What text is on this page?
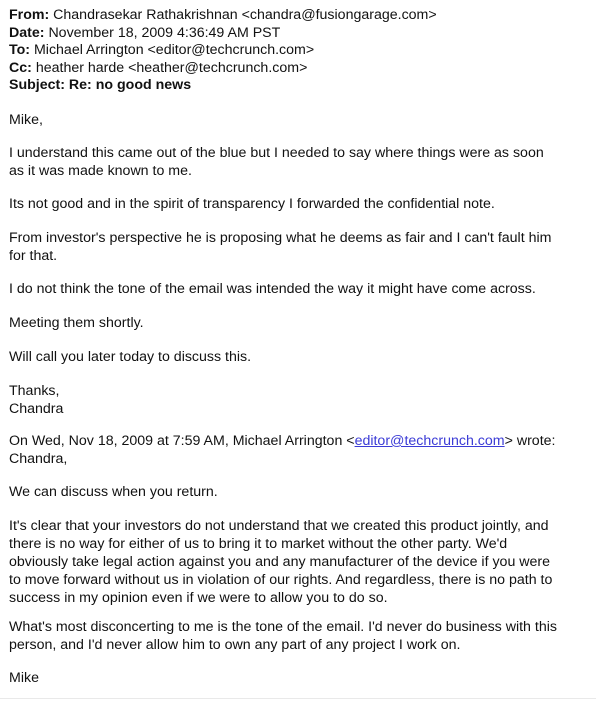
From: Chandrasekar Rathakrishnan <chandra@fusiongarage.com>
Date: November 18, 2009 4:36:49 AM PST
To: Michael Arrington <editor@techcrunch.com>
Cc: heather harde <heather@techcrunch.com>
Subject: Re: no good news

Mike,

I understand this came out of the blue but I needed to say where things were as soon

as it was made known to me.

Its not good and in the spirit of transparency I forwarded the confidential note.

From investor's perspective he is proposing what he deems as fair and I can't fault him

for that.

I do not think the tone of the email was intended the way it might have come across.

Meeting them shortly.

Will call you later today to discuss this.

Thanks,

Chandra

On Wed, Nov 18, 2009 at 7:59 AM, Michael Arrington <editor@techcrunch.com> wrote:

Chandra,

We can discuss when you return.

It's clear that your investors do not understand that we created this product jointly, and

there is no way for either of us to bring it to market without the other party. We'd

obviously take legal action against you and any manufacturer of the device if you were

to move forward without us in violation of our rights. And regardless, there is no path to

success in my opinion even if we were to allow you to do so.

What's most disconcerting to me is the tone of the email. I'd never do business with this

person, and I'd never allow him to own any part of any project I work on.

Mike
